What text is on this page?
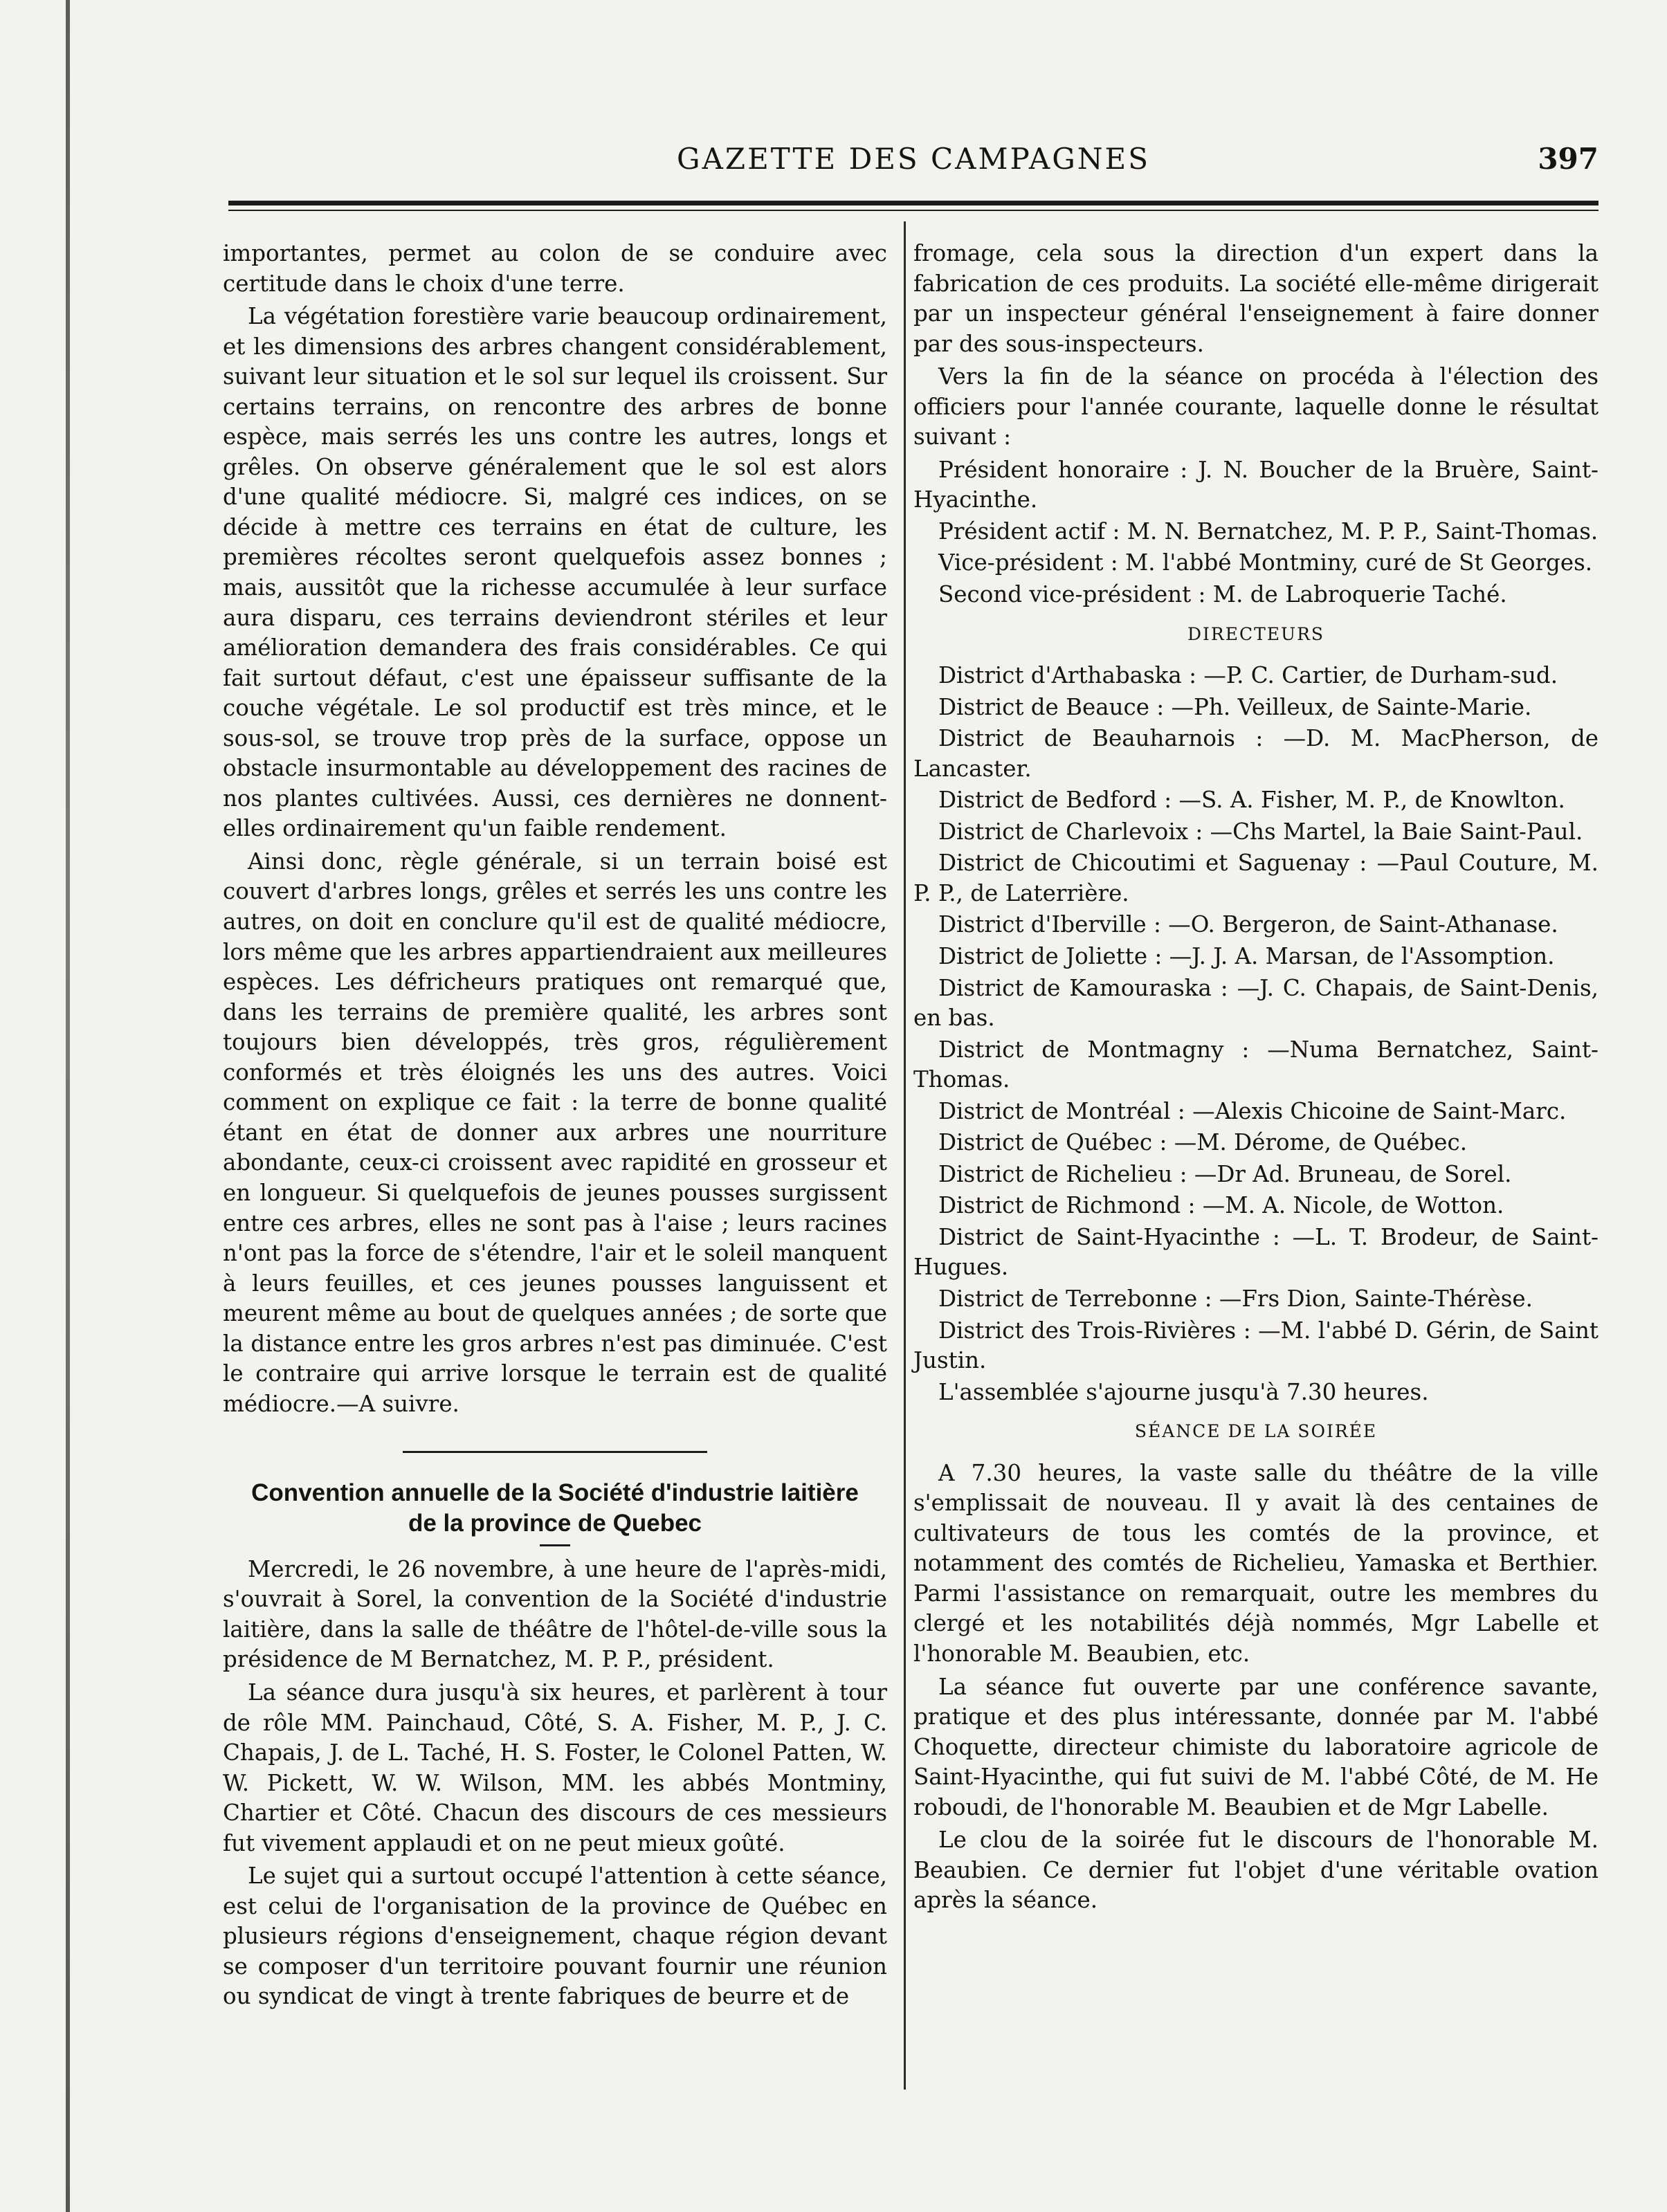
GAZETTE DES CAMPAGNES	397

importantes, permet au colon de se conduire avec certitude dans le choix d'une terre.

La végétation forestière varie beaucoup ordinairement, et les dimensions des arbres changent considérablement, suivant leur situation et le sol sur lequel ils croissent. Sur certains terrains, on rencontre des arbres de bonne espèce, mais serrés les uns contre les autres, longs et grêles. On observe généralement que le sol est alors d'une qualité médiocre. Si, malgré ces indices, on se décide à mettre ces terrains en état de culture, les premières récoltes seront quelquefois assez bonnes ; mais, aussitôt que la richesse accumulée à leur surface aura disparu, ces terrains deviendront stériles et leur amélioration demandera des frais considérables. Ce qui fait surtout défaut, c'est une épaisseur suffisante de la couche végétale. Le sol productif est très mince, et le sous-sol, se trouve trop près de la surface, oppose un obstacle insurmontable au développement des racines de nos plantes cultivées. Aussi, ces dernières ne donnent-elles ordinairement qu'un faible rendement.

Ainsi donc, règle générale, si un terrain boisé est couvert d'arbres longs, grêles et serrés les uns contre les autres, on doit en conclure qu'il est de qualité médiocre, lors même que les arbres appartiendraient aux meilleures espèces. Les défricheurs pratiques ont remarqué que, dans les terrains de première qualité, les arbres sont toujours bien développés, très gros, régulièrement conformés et très éloignés les uns des autres. Voici comment on explique ce fait : la terre de bonne qualité étant en état de donner aux arbres une nourriture abondante, ceux-ci croissent avec rapidité en grosseur et en longueur. Si quelquefois de jeunes pousses surgissent entre ces arbres, elles ne sont pas à l'aise ; leurs racines n'ont pas la force de s'étendre, l'air et le soleil manquent à leurs feuilles, et ces jeunes pousses languissent et meurent même au bout de quelques années ; de sorte que la distance entre les gros arbres n'est pas diminuée. C'est le contraire qui arrive lorsque le terrain est de qualité médiocre.—A suivre.

Convention annuelle de la Société d'industrie laitière
de la province de Quebec

Mercredi, le 26 novembre, à une heure de l'après-midi, s'ouvrait à Sorel, la convention de la Société d'industrie laitière, dans la salle de théâtre de l'hôtel-de-ville sous la présidence de M Bernatchez, M. P. P., président.

La séance dura jusqu'à six heures, et parlèrent à tour de rôle MM. Painchaud, Côté, S. A. Fisher, M. P., J. C. Chapais, J. de L. Taché, H. S. Foster, le Colonel Patten, W. W. Pickett, W. W. Wilson, MM. les abbés Montminy, Chartier et Côté. Chacun des discours de ces messieurs fut vivement applaudi et on ne peut mieux goûté.

Le sujet qui a surtout occupé l'attention à cette séance, est celui de l'organisation de la province de Québec en plusieurs régions d'enseignement, chaque région devant se composer d'un territoire pouvant fournir une réunion ou syndicat de vingt à trente fabriques de beurre et de

fromage, cela sous la direction d'un expert dans la fabrication de ces produits. La société elle-même dirigerait par un inspecteur général l'enseignement à faire donner par des sous-inspecteurs.

Vers la fin de la séance on procéda à l'élection des officiers pour l'année courante, laquelle donne le résultat suivant :

Président honoraire : J. N. Boucher de la Bruère, Saint-Hyacinthe.

Président actif : M. N. Bernatchez, M. P. P., Saint-Thomas.

Vice-président : M. l'abbé Montminy, curé de St Georges.

Second vice-président : M. de Labroquerie Taché.

DIRECTEURS

District d'Arthabaska : —P. C. Cartier, de Durham-sud.

District de Beauce : —Ph. Veilleux, de Sainte-Marie.

District de Beauharnois : —D. M. MacPherson, de Lancaster.

District de Bedford : —S. A. Fisher, M. P., de Knowlton.

District de Charlevoix : —Chs Martel, la Baie Saint-Paul.

District de Chicoutimi et Saguenay : —Paul Couture, M. P. P., de Laterrière.

District d'Iberville : —O. Bergeron, de Saint-Athanase.

District de Joliette : —J. J. A. Marsan, de l'Assomption.

District de Kamouraska : —J. C. Chapais, de Saint-Denis, en bas.

District de Montmagny : —Numa Bernatchez, Saint-Thomas.

District de Montréal : —Alexis Chicoine de Saint-Marc.

District de Québec : —M. Dérome, de Québec.

District de Richelieu : —Dr Ad. Bruneau, de Sorel.

District de Richmond : —M. A. Nicole, de Wotton.

District de Saint-Hyacinthe : —L. T. Brodeur, de Saint-Hugues.

District de Terrebonne : —Frs Dion, Sainte-Thérèse.

District des Trois-Rivières : —M. l'abbé D. Gérin, de Saint Justin.

L'assemblée s'ajourne jusqu'à 7.30 heures.

SÉANCE DE LA SOIRÉE

A 7.30 heures, la vaste salle du théâtre de la ville s'emplissait de nouveau. Il y avait là des centaines de cultivateurs de tous les comtés de la province, et notamment des comtés de Richelieu, Yamaska et Berthier. Parmi l'assistance on remarquait, outre les membres du clergé et les notabilités déjà nommés, Mgr Labelle et l'honorable M. Beaubien, etc.

La séance fut ouverte par une conférence savante, pratique et des plus intéressante, donnée par M. l'abbé Choquette, directeur chimiste du laboratoire agricole de Saint-Hyacinthe, qui fut suivi de M. l'abbé Côté, de M. He roboudi, de l'honorable M. Beaubien et de Mgr Labelle.

Le clou de la soirée fut le discours de l'honorable M. Beaubien. Ce dernier fut l'objet d'une véritable ovation après la séance.
